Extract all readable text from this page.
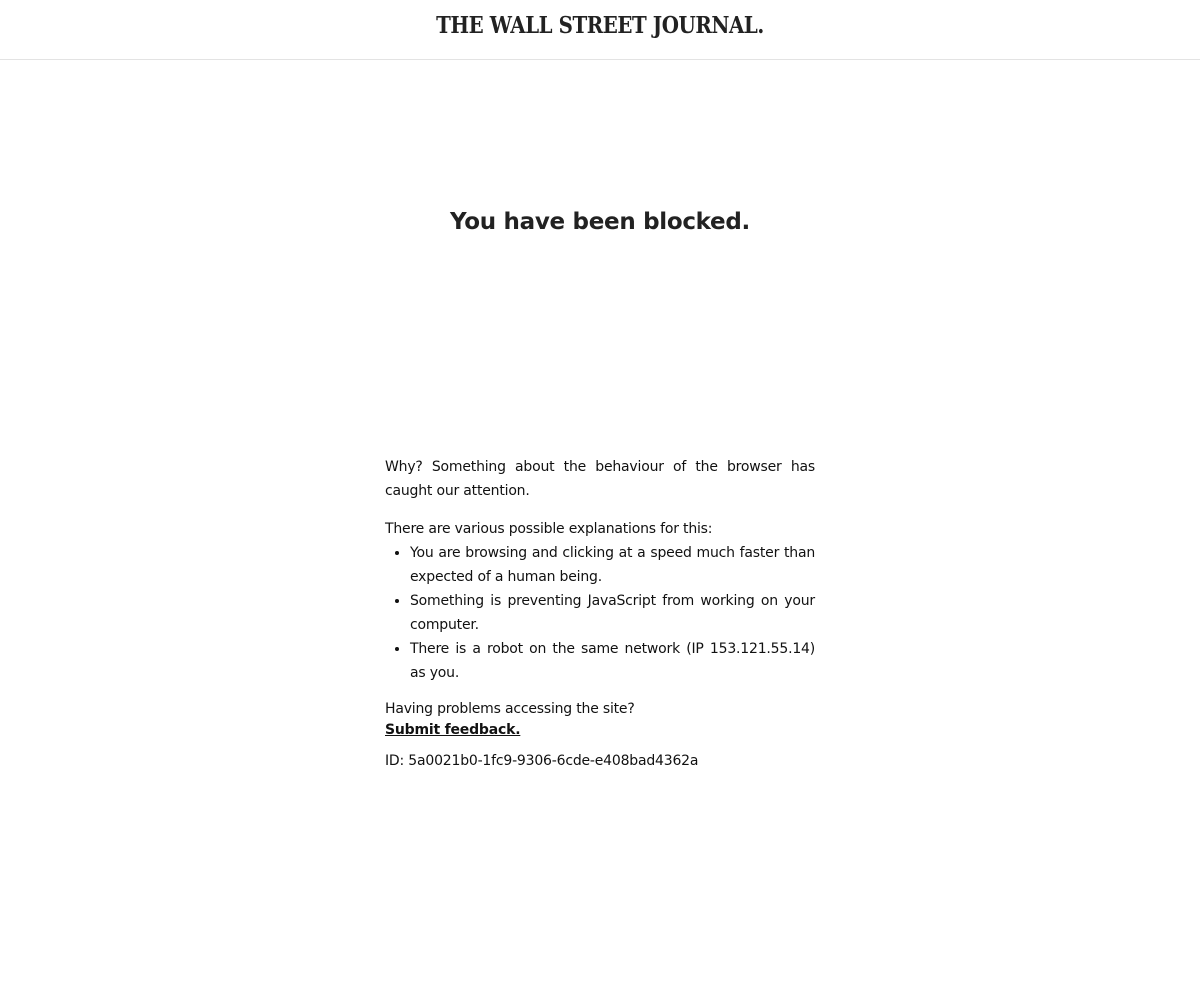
THE WALL STREET JOURNAL.
You have been blocked.

Why? Something about the behaviour of the browser has caught our attention.

There are various possible explanations for this:

• You are browsing and clicking at a speed much faster than expected of a human being.
• Something is preventing JavaScript from working on your computer.
• There is a robot on the same network (IP 153.121.55.14) as you.

Having problems accessing the site?

Submit feedback.

ID: 5a0021b0-1fc9-9306-6cde-e408bad4362a
